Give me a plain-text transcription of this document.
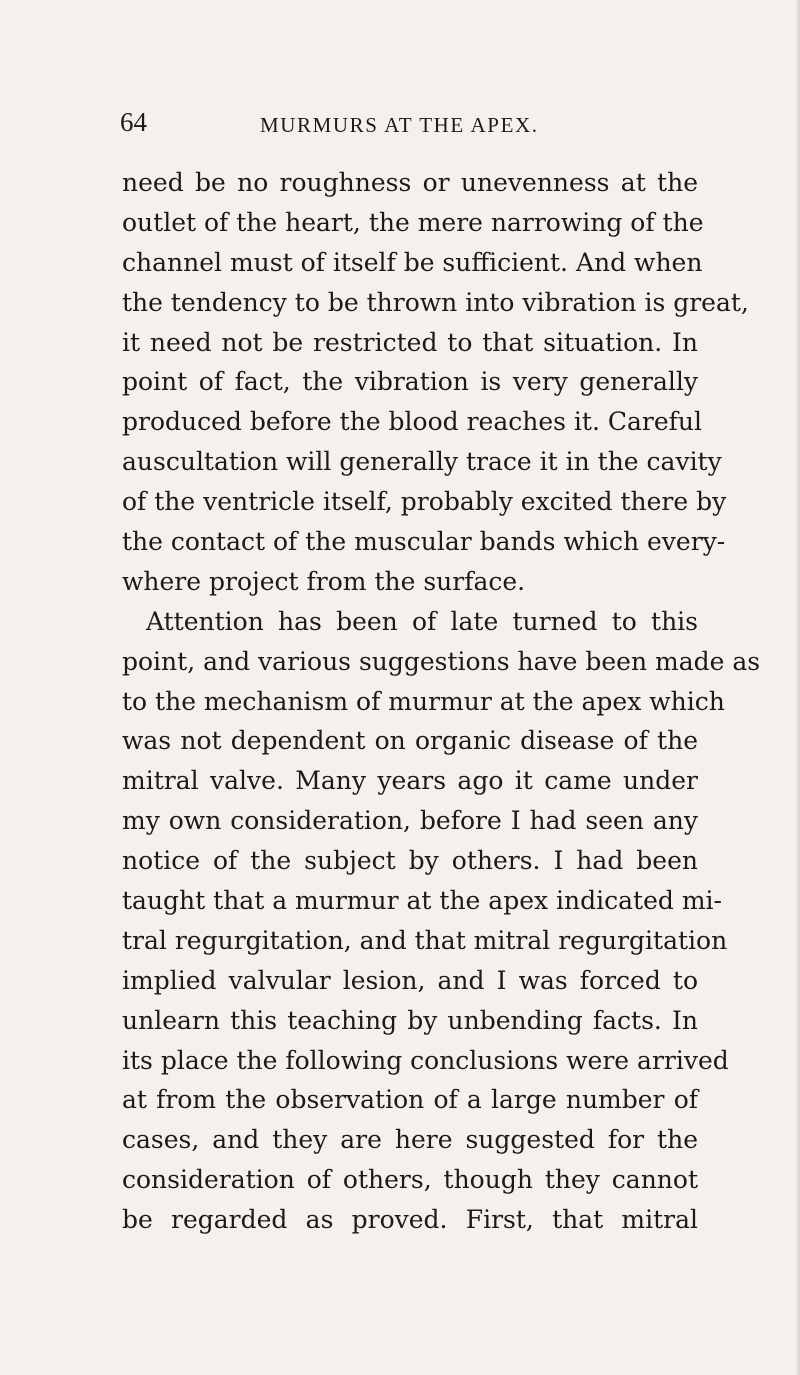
64	MURMURS AT THE APEX.
need be no roughness or unevenness at the
outlet of the heart, the mere narrowing of the
channel must of itself be sufficient. And when
the tendency to be thrown into vibration is great,
it need not be restricted to that situation. In
point of fact, the vibration is very generally
produced before the blood reaches it. Careful
auscultation will generally trace it in the cavity
of the ventricle itself, probably excited there by
the contact of the muscular bands which every-
where project from the surface.
Attention has been of late turned to this
point, and various suggestions have been made as
to the mechanism of murmur at the apex which
was not dependent on organic disease of the
mitral valve. Many years ago it came under
my own consideration, before I had seen any
notice of the subject by others. I had been
taught that a murmur at the apex indicated mi-
tral regurgitation, and that mitral regurgitation
implied valvular lesion, and I was forced to
unlearn this teaching by unbending facts. In
its place the following conclusions were arrived
at from the observation of a large number of
cases, and they are here suggested for the
consideration of others, though they cannot
be regarded as proved. First, that mitral
